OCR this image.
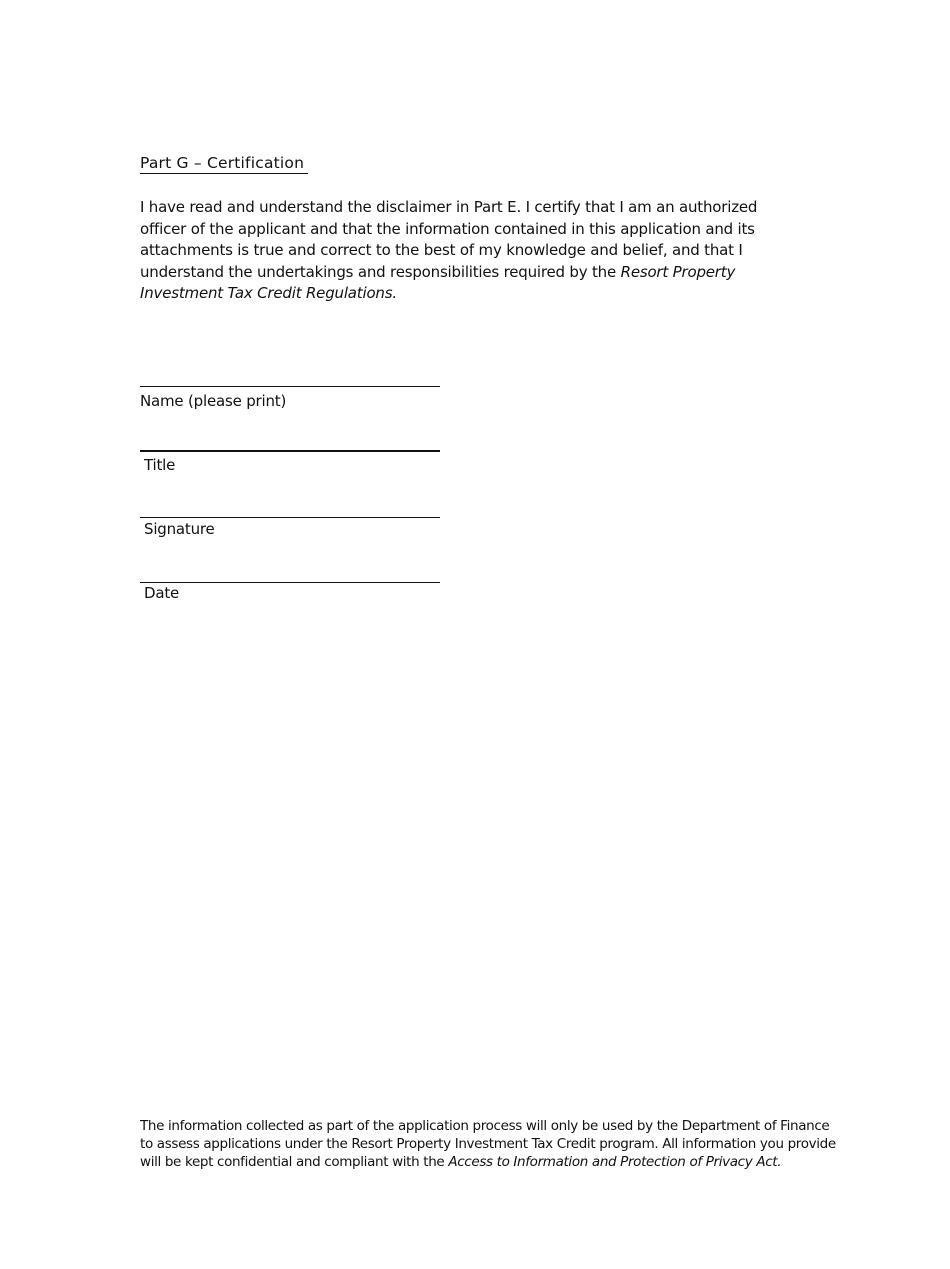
Part G – Certification
I have read and understand the disclaimer in Part E. I certify that I am an authorized officer of the applicant and that the information contained in this application and its attachments is true and correct to the best of my knowledge and belief, and that I understand the undertakings and responsibilities required by the Resort Property Investment Tax Credit Regulations.
Name (please print)
Title
Signature
Date
The information collected as part of the application process will only be used by the Department of Finance to assess applications under the Resort Property Investment Tax Credit program. All information you provide will be kept confidential and compliant with the Access to Information and Protection of Privacy Act.
